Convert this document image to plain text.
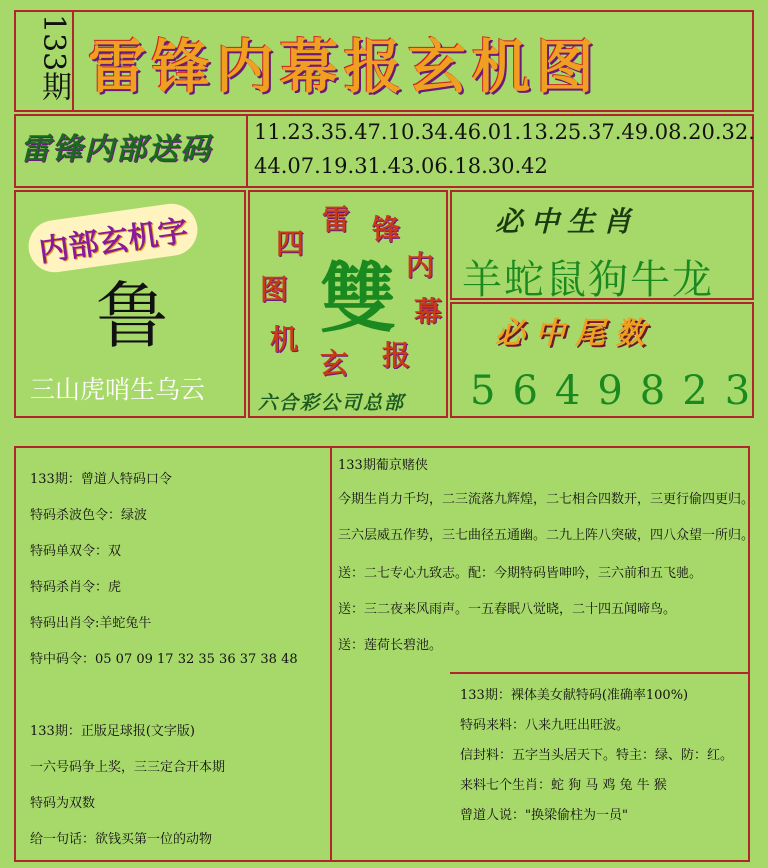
133期 雷锋内幕报玄机图
雷锋内部送码 11.23.35.47.10.34.46.01.13.25.37.49.08.20.32.
44.07.19.31.43.06.18.30.42
内部玄机字
鲁
三山虎哨生乌云
雷 锋
内
幕
报
玄
机
图
四
雙
六合彩公司总部
必中生肖
羊蛇鼠狗牛龙
必中尾数
5649823
133期：曾道人特码口令
特码杀波色令：绿波
特码单双令：双
特码杀肖令：虎
特码出肖令:羊蛇兔牛
特中码令：05 07 09 17 32 35 36 37 38 48
133期：正版足球报(文字版)
一六号码争上奖，三三定合开本期
特码为双数
给一句话：欲钱买第一位的动物
133期葡京赌侠
今期生肖力千均，二三流落九辉煌，二七相合四数开，三更行偷四更归。
三六层威五作势，三七曲径五通幽。二九上阵八突破，四八众望一所归。
送：二七专心九致志。配：今期特码皆呻吟，三六前和五飞驰。
送：三二夜来风雨声。一五春眠八觉晓，二十四五闻啼鸟。
送：莲荷长碧池。
133期：裸体美女献特码(准确率100%)
特码来料：八来九旺出旺波。
信封料：五字当头居天下。特主：绿、防：红。
来料七个生肖：蛇 狗 马 鸡 兔 牛 猴
曾道人说："换梁偷柱为一员"
